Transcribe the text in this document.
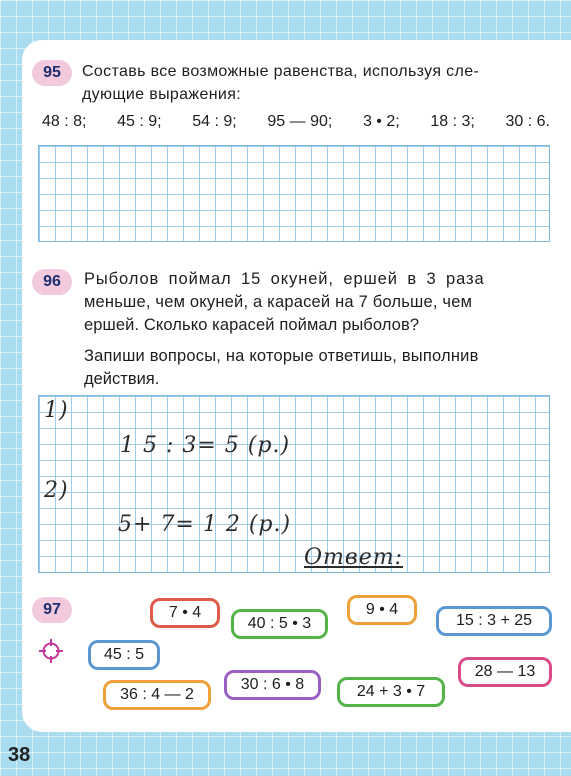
95	Составь все возможные равенства, используя сле-
дующие выражения:
48 : 8; 45 : 9; 54 : 9; 95 — 90; 3 • 2; 18 : 3; 30 : 6.
96	Рыболов поймал 15 окуней, ершей в 3 раза
меньше, чем окуней, а карасей на 7 больше, чем
ершей. Сколько карасей поймал рыболов?
Запиши вопросы, на которые ответишь, выполнив
действия.
1)
1 5 : 3= 5 (р.)
2)
5+ 7= 1 2 (р.)
Ответ:
97	7 • 4
40 : 5 • 3
9 • 4
15 : 3 + 25
45 : 5
30 : 6 • 8
28 — 13
36 : 4 — 2	24 + 3 • 7
38
